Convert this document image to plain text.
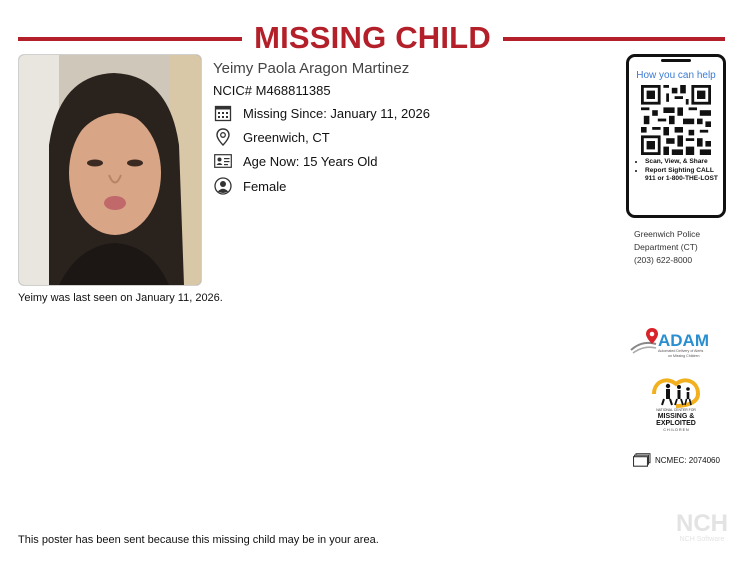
MISSING CHILD
Yeimy Paola Aragon Martinez
NCIC# M468811385
Missing Since: January 11, 2026
Greenwich, CT
Age Now: 15 Years Old
Female
Yeimy was last seen on January 11, 2026.
This poster has been sent because this missing child may be in your area.
How you can help
• Scan, View, & Share
• Report Sighting CALL 911 or 1-800-THE-LOST
Greenwich Police
Department (CT)
(203) 622-8000
ADAM
Automated Delivery of Alerts
on Missing Children
NATIONAL CENTER FOR
MISSING &
EXPLOITED
C H I L D R E N
NCMEC: 2074060
NCH
NCH Software
